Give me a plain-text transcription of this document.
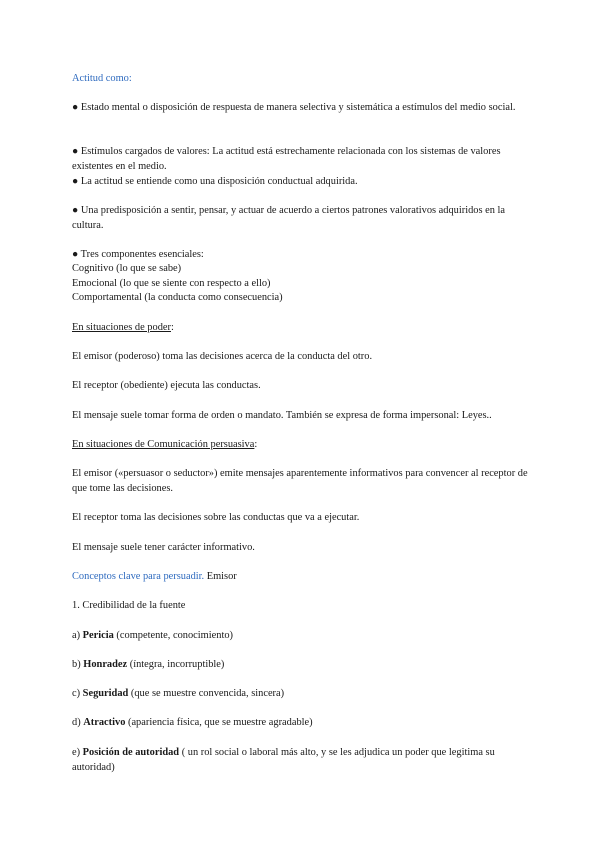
Actitud como:

● Estado mental o disposición de respuesta de manera selectiva y sistemática a estímulos del medio social.

● Estímulos cargados de valores: La actitud está estrechamente relacionada con los sistemas de valores existentes en el medio.

● La actitud se entiende como una disposición conductual adquirida.

● Una predisposición a sentir, pensar, y actuar de acuerdo a ciertos patrones valorativos adquiridos en la cultura.

● Tres componentes esenciales:

Cognitivo (lo que se sabe)

Emocional (lo que se siente con respecto a ello)

Comportamental (la conducta como consecuencia)

En situaciones de poder:

El emisor (poderoso) toma las decisiones acerca de la conducta del otro.

El receptor (obediente) ejecuta las conductas.

El mensaje suele tomar forma de orden o mandato. También se expresa de forma impersonal: Leyes..

En situaciones de Comunicación persuasiva:

El emisor («persuasor o seductor») emite mensajes aparentemente informativos para convencer al receptor de que tome las decisiones.

El receptor toma las decisiones sobre las conductas que va a ejecutar.

El mensaje suele tener carácter informativo.

Conceptos clave para persuadir. Emisor

1. Credibilidad de la fuente

a) Pericia (competente, conocimiento)

b) Honradez (íntegra, incorruptible)

c) Seguridad (que se muestre convencida, sincera)

d) Atractivo (apariencia física, que se muestre agradable)

e) Posición de autoridad ( un rol social o laboral más alto, y se les adjudica un poder que legitima su autoridad)
